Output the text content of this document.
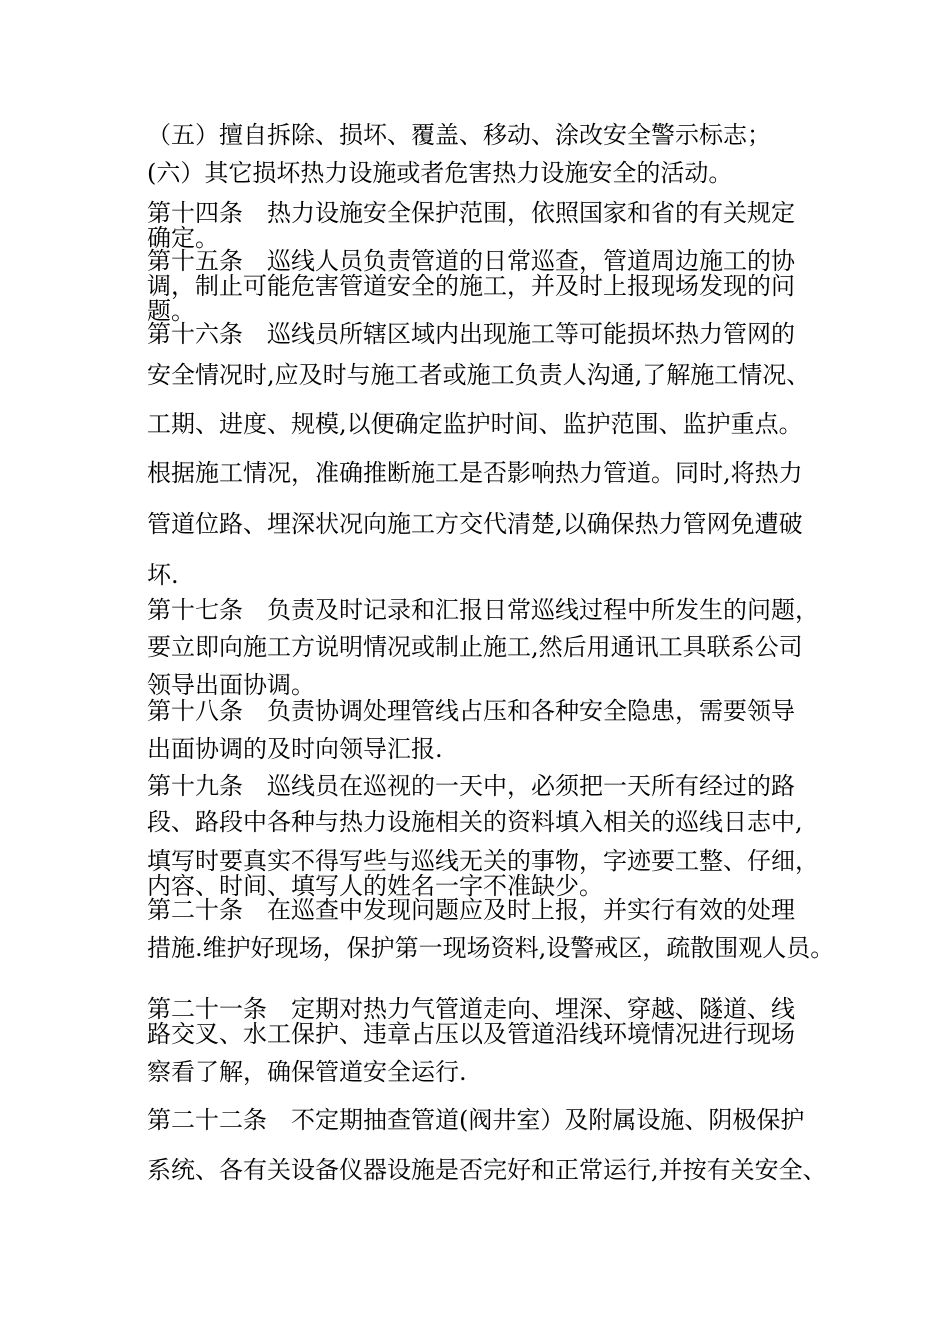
（五）擅自拆除、损坏、覆盖、移动、涂改安全警示标志；
(六）其它损坏热力设施或者危害热力设施安全的活动。
第十四条　热力设施安全保护范围，依照国家和省的有关规定
确定。
第十五条　巡线人员负责管道的日常巡查，管道周边施工的协
调，制止可能危害管道安全的施工，并及时上报现场发现的问
题。
第十六条　巡线员所辖区域内出现施工等可能损坏热力管网的
安全情况时,应及时与施工者或施工负责人沟通,了解施工情况、
工期、进度、规模,以便确定监护时间、监护范围、监护重点。
根据施工情况，准确推断施工是否影响热力管道。同时,将热力
管道位路、埋深状况向施工方交代清楚,以确保热力管网免遭破
坏.
第十七条　负责及时记录和汇报日常巡线过程中所发生的问题，
要立即向施工方说明情况或制止施工,然后用通讯工具联系公司
领导出面协调。
第十八条　负责协调处理管线占压和各种安全隐患，需要领导
出面协调的及时向领导汇报.
第十九条　巡线员在巡视的一天中，必须把一天所有经过的路
段、路段中各种与热力设施相关的资料填入相关的巡线日志中,
填写时要真实不得写些与巡线无关的事物，字迹要工整、仔细，
内容、时间、填写人的姓名一字不准缺少。
第二十条　在巡查中发现问题应及时上报，并实行有效的处理
措施.维护好现场，保护第一现场资料,设警戒区，疏散围观人员。
第二十一条　定期对热力气管道走向、埋深、穿越、隧道、线
路交叉、水工保护、违章占压以及管道沿线环境情况进行现场
察看了解，确保管道安全运行.
第二十二条　不定期抽查管道(阀井室）及附属设施、阴极保护
系统、各有关设备仪器设施是否完好和正常运行,并按有关安全、
